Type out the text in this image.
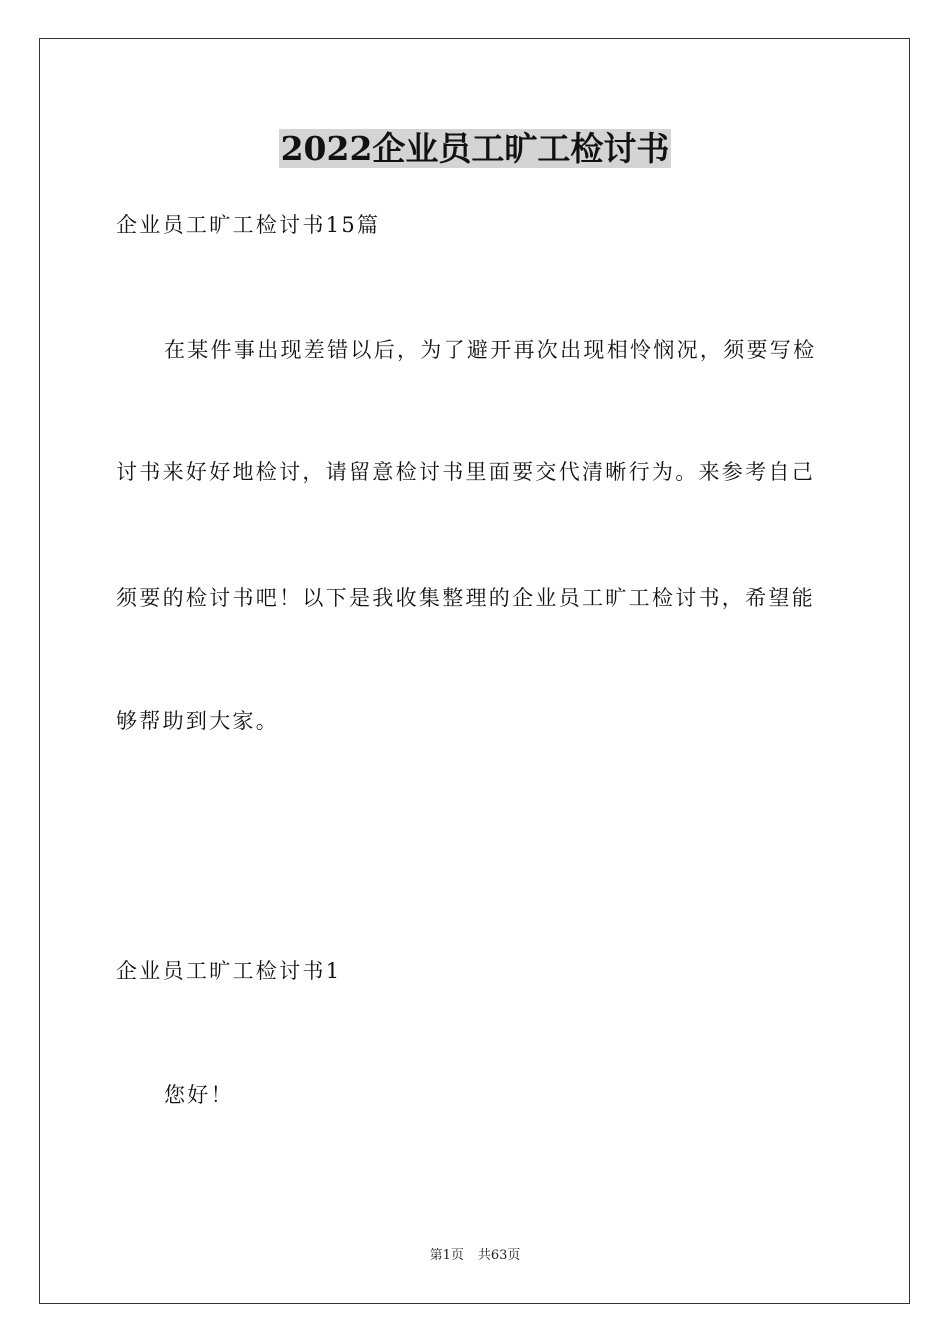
2022企业员工旷工检讨书

企业员工旷工检讨书15篇

在某件事出现差错以后，为了避开再次出现相怜悯况，须要写检

讨书来好好地检讨，请留意检讨书里面要交代清晰行为。来参考自己

须要的检讨书吧！以下是我收集整理的企业员工旷工检讨书，希望能

够帮助到大家。

企业员工旷工检讨书1

您好！

第1页 共63页
